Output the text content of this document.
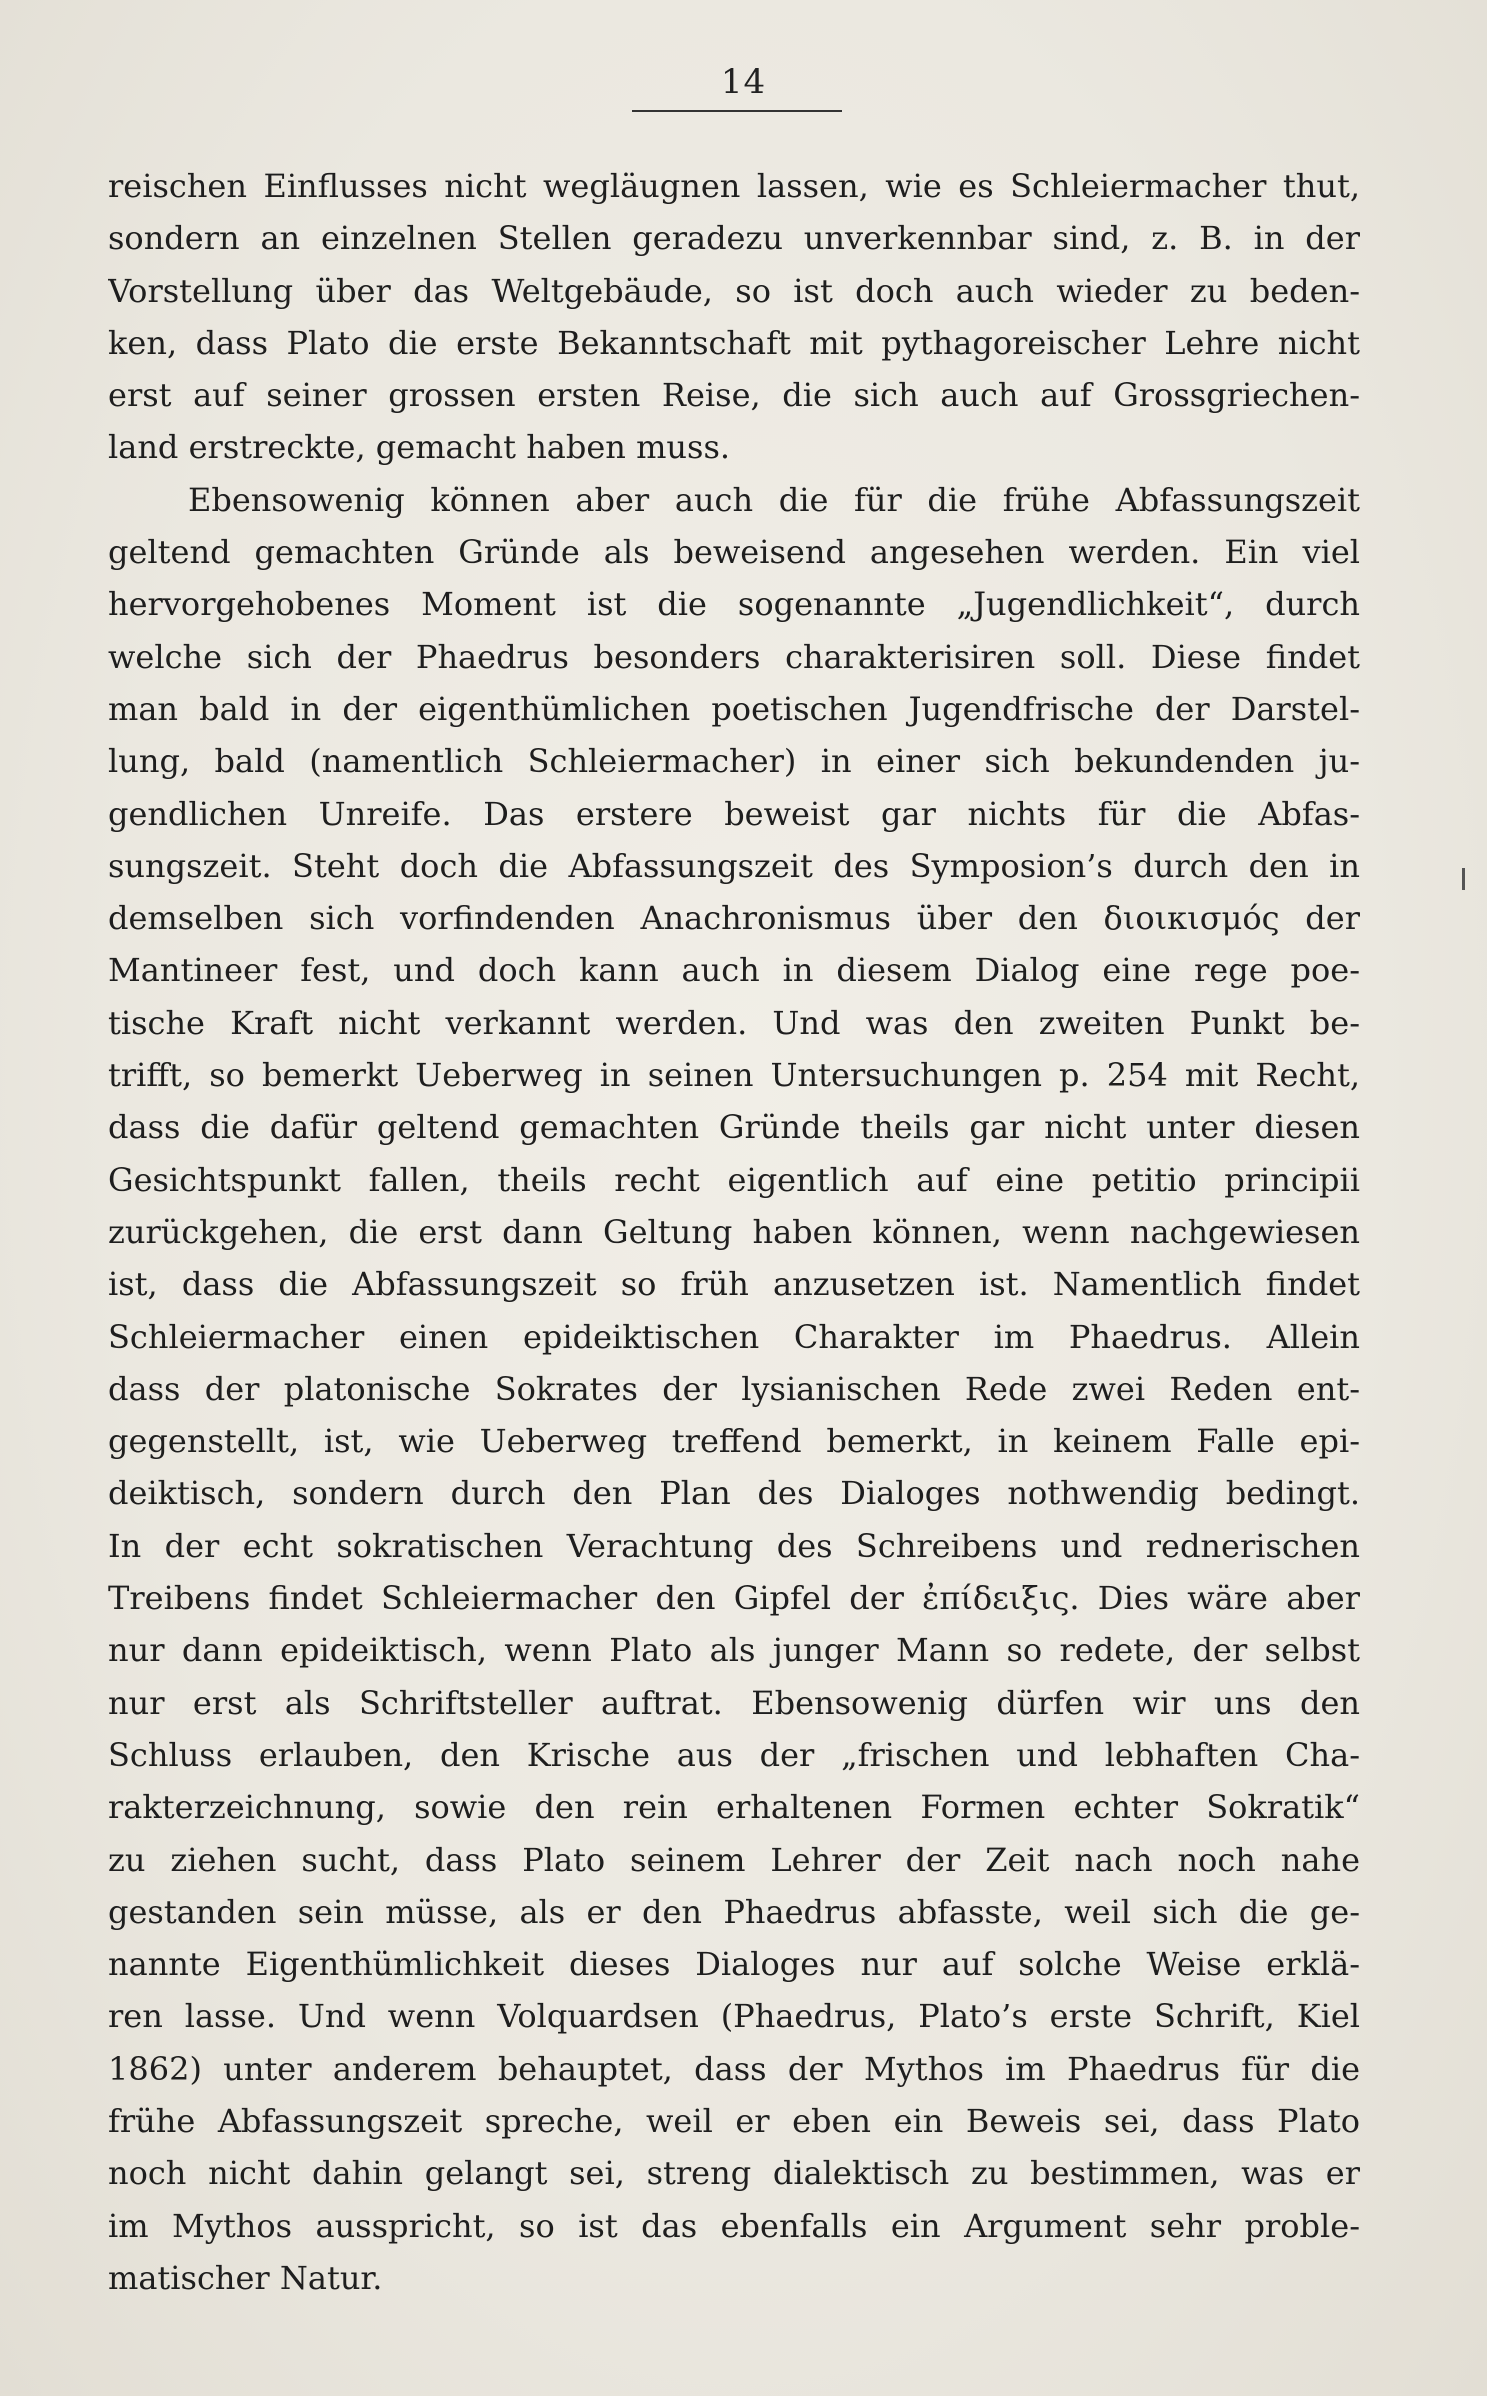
14
reischen Einflusses nicht wegläugnen lassen, wie es Schleiermacher thut,
sondern an einzelnen Stellen geradezu unverkennbar sind, z. B. in der
Vorstellung über das Weltgebäude, so ist doch auch wieder zu beden-
ken, dass Plato die erste Bekanntschaft mit pythagoreischer Lehre nicht
erst auf seiner grossen ersten Reise, die sich auch auf Grossgriechen-
land erstreckte, gemacht haben muss.
Ebensowenig können aber auch die für die frühe Abfassungszeit
geltend gemachten Gründe als beweisend angesehen werden. Ein viel
hervorgehobenes Moment ist die sogenannte „Jugendlichkeit“, durch
welche sich der Phaedrus besonders charakterisiren soll. Diese findet
man bald in der eigenthümlichen poetischen Jugendfrische der Darstel-
lung, bald (namentlich Schleiermacher) in einer sich bekundenden ju-
gendlichen Unreife. Das erstere beweist gar nichts für die Abfas-
sungszeit. Steht doch die Abfassungszeit des Symposion’s durch den in
demselben sich vorfindenden Anachronismus über den διοικισμός der
Mantineer fest, und doch kann auch in diesem Dialog eine rege poe-
tische Kraft nicht verkannt werden. Und was den zweiten Punkt be-
trifft, so bemerkt Ueberweg in seinen Untersuchungen p. 254 mit Recht,
dass die dafür geltend gemachten Gründe theils gar nicht unter diesen
Gesichtspunkt fallen, theils recht eigentlich auf eine petitio principii
zurückgehen, die erst dann Geltung haben können, wenn nachgewiesen
ist, dass die Abfassungszeit so früh anzusetzen ist. Namentlich findet
Schleiermacher einen epideiktischen Charakter im Phaedrus. Allein
dass der platonische Sokrates der lysianischen Rede zwei Reden ent-
gegenstellt, ist, wie Ueberweg treffend bemerkt, in keinem Falle epi-
deiktisch, sondern durch den Plan des Dialoges nothwendig bedingt.
In der echt sokratischen Verachtung des Schreibens und rednerischen
Treibens findet Schleiermacher den Gipfel der ἐπίδειξις. Dies wäre aber
nur dann epideiktisch, wenn Plato als junger Mann so redete, der selbst
nur erst als Schriftsteller auftrat. Ebensowenig dürfen wir uns den
Schluss erlauben, den Krische aus der „frischen und lebhaften Cha-
rakterzeichnung, sowie den rein erhaltenen Formen echter Sokratik“
zu ziehen sucht, dass Plato seinem Lehrer der Zeit nach noch nahe
gestanden sein müsse, als er den Phaedrus abfasste, weil sich die ge-
nannte Eigenthümlichkeit dieses Dialoges nur auf solche Weise erklä-
ren lasse. Und wenn Volquardsen (Phaedrus, Plato’s erste Schrift, Kiel
1862) unter anderem behauptet, dass der Mythos im Phaedrus für die
frühe Abfassungszeit spreche, weil er eben ein Beweis sei, dass Plato
noch nicht dahin gelangt sei, streng dialektisch zu bestimmen, was er
im Mythos ausspricht, so ist das ebenfalls ein Argument sehr proble-
matischer Natur.
